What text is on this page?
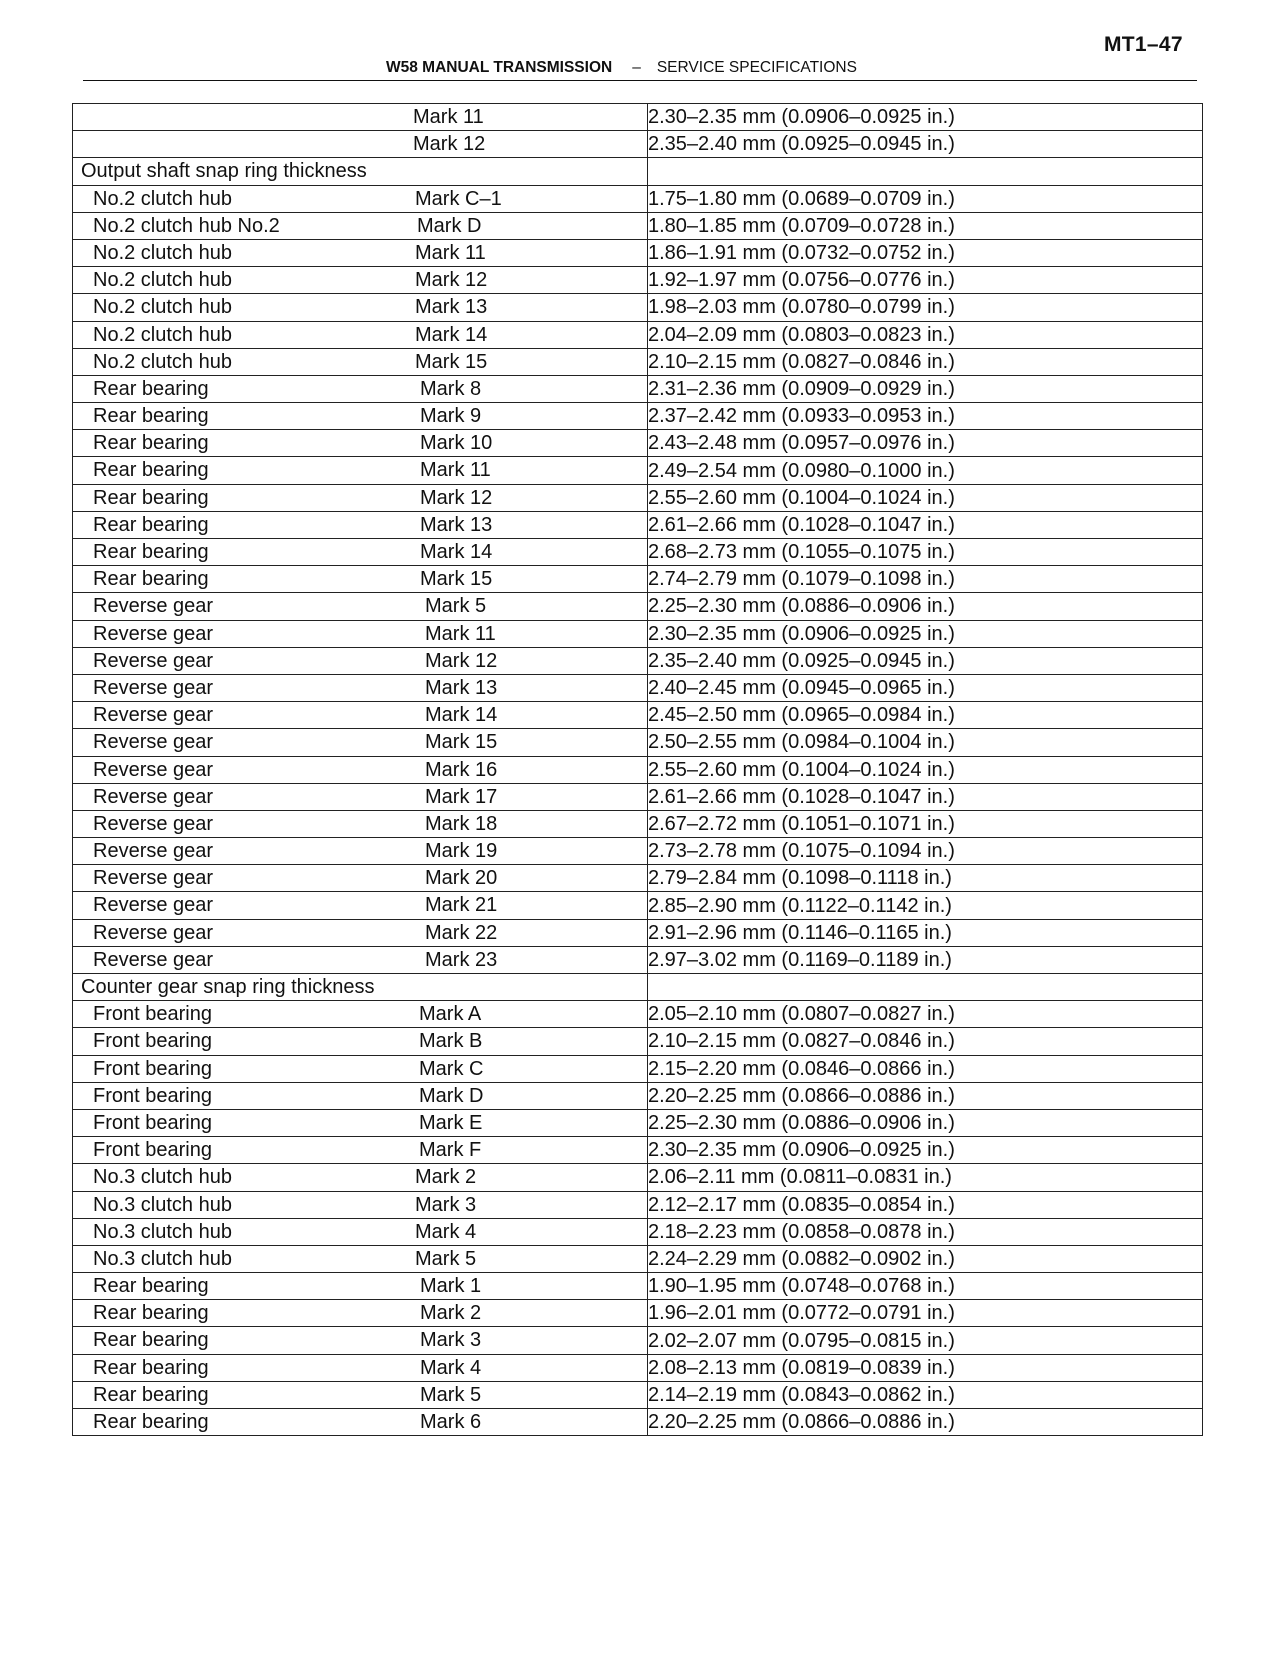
MT1–47
W58 MANUAL TRANSMISSION – SERVICE SPECIFICATIONS
Mark 11	2.30–2.35 mm (0.0906–0.0925 in.)

Mark 12	2.35–2.40 mm (0.0925–0.0945 in.)

Output shaft snap ring thickness	

No.2 clutch hub Mark C–1	1.75–1.80 mm (0.0689–0.0709 in.)

No.2 clutch hub No.2 Mark D	1.80–1.85 mm (0.0709–0.0728 in.)

No.2 clutch hub Mark 11	1.86–1.91 mm (0.0732–0.0752 in.)

No.2 clutch hub Mark 12	1.92–1.97 mm (0.0756–0.0776 in.)

No.2 clutch hub Mark 13	1.98–2.03 mm (0.0780–0.0799 in.)

No.2 clutch hub Mark 14	2.04–2.09 mm (0.0803–0.0823 in.)

No.2 clutch hub Mark 15	2.10–2.15 mm (0.0827–0.0846 in.)

Rear bearing Mark 8	2.31–2.36 mm (0.0909–0.0929 in.)

Rear bearing Mark 9	2.37–2.42 mm (0.0933–0.0953 in.)

Rear bearing Mark 10	2.43–2.48 mm (0.0957–0.0976 in.)

Rear bearing Mark 11	2.49–2.54 mm (0.0980–0.1000 in.)

Rear bearing Mark 12	2.55–2.60 mm (0.1004–0.1024 in.)

Rear bearing Mark 13	2.61–2.66 mm (0.1028–0.1047 in.)

Rear bearing Mark 14	2.68–2.73 mm (0.1055–0.1075 in.)

Rear bearing Mark 15	2.74–2.79 mm (0.1079–0.1098 in.)

Reverse gear Mark 5	2.25–2.30 mm (0.0886–0.0906 in.)

Reverse gear Mark 11	2.30–2.35 mm (0.0906–0.0925 in.)

Reverse gear Mark 12	2.35–2.40 mm (0.0925–0.0945 in.)

Reverse gear Mark 13	2.40–2.45 mm (0.0945–0.0965 in.)

Reverse gear Mark 14	2.45–2.50 mm (0.0965–0.0984 in.)

Reverse gear Mark 15	2.50–2.55 mm (0.0984–0.1004 in.)

Reverse gear Mark 16	2.55–2.60 mm (0.1004–0.1024 in.)

Reverse gear Mark 17	2.61–2.66 mm (0.1028–0.1047 in.)

Reverse gear Mark 18	2.67–2.72 mm (0.1051–0.1071 in.)

Reverse gear Mark 19	2.73–2.78 mm (0.1075–0.1094 in.)

Reverse gear Mark 20	2.79–2.84 mm (0.1098–0.1118 in.)

Reverse gear Mark 21	2.85–2.90 mm (0.1122–0.1142 in.)

Reverse gear Mark 22	2.91–2.96 mm (0.1146–0.1165 in.)

Reverse gear Mark 23	2.97–3.02 mm (0.1169–0.1189 in.)

Counter gear snap ring thickness	

Front bearing Mark A	2.05–2.10 mm (0.0807–0.0827 in.)

Front bearing Mark B	2.10–2.15 mm (0.0827–0.0846 in.)

Front bearing Mark C	2.15–2.20 mm (0.0846–0.0866 in.)

Front bearing Mark D	2.20–2.25 mm (0.0866–0.0886 in.)

Front bearing Mark E	2.25–2.30 mm (0.0886–0.0906 in.)

Front bearing Mark F	2.30–2.35 mm (0.0906–0.0925 in.)

No.3 clutch hub Mark 2	2.06–2.11 mm (0.0811–0.0831 in.)

No.3 clutch hub Mark 3	2.12–2.17 mm (0.0835–0.0854 in.)

No.3 clutch hub Mark 4	2.18–2.23 mm (0.0858–0.0878 in.)

No.3 clutch hub Mark 5	2.24–2.29 mm (0.0882–0.0902 in.)

Rear bearing Mark 1	1.90–1.95 mm (0.0748–0.0768 in.)

Rear bearing Mark 2	1.96–2.01 mm (0.0772–0.0791 in.)

Rear bearing Mark 3	2.02–2.07 mm (0.0795–0.0815 in.)

Rear bearing Mark 4	2.08–2.13 mm (0.0819–0.0839 in.)

Rear bearing Mark 5	2.14–2.19 mm (0.0843–0.0862 in.)

Rear bearing Mark 6	2.20–2.25 mm (0.0866–0.0886 in.)
